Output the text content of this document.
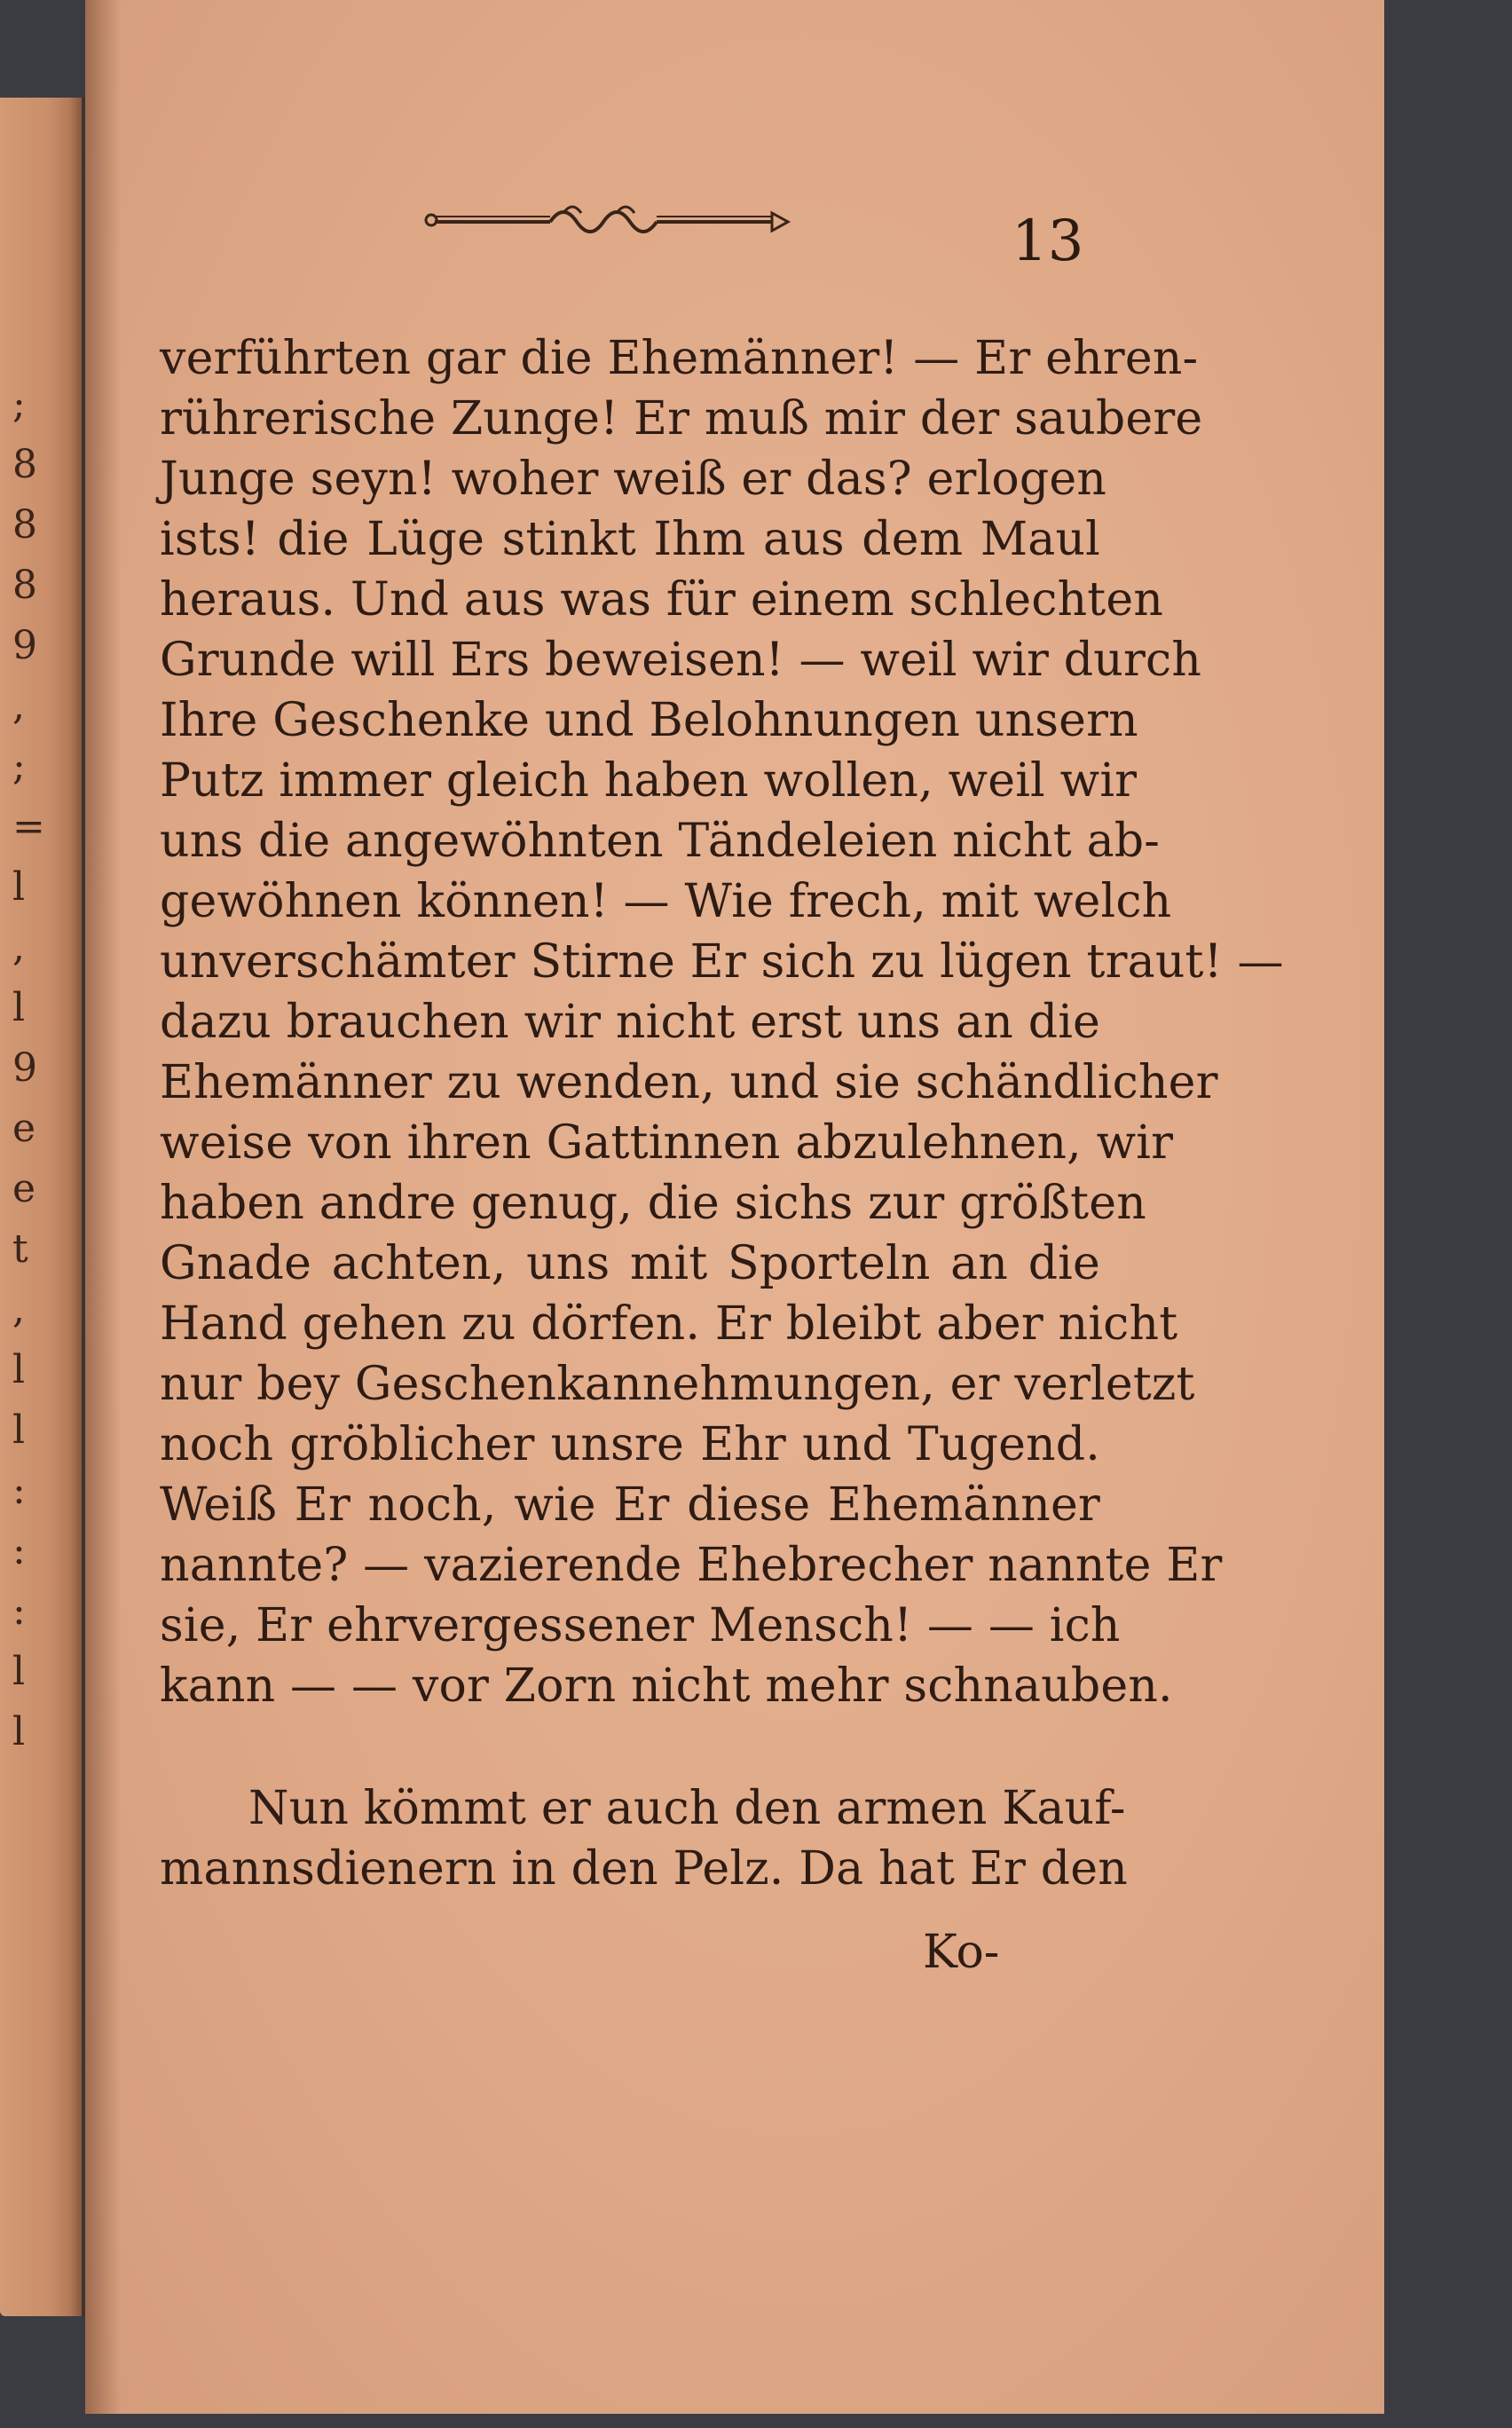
;
8
8
8
9
,
;
=
l
,
l
9
e
e
t
,
l
l
:
:
:
l
l
13
verführten gar die Ehemänner! — Er ehren-
rührerische Zunge! Er muß mir der saubere
Junge seyn! woher weiß er das? erlogen
ists! die Lüge stinkt Ihm aus dem Maul
heraus. Und aus was für einem schlechten
Grunde will Ers beweisen! — weil wir durch
Ihre Geschenke und Belohnungen unsern
Putz immer gleich haben wollen, weil wir
uns die angewöhnten Tändeleien nicht ab-
gewöhnen können! — Wie frech, mit welch
unverschämter Stirne Er sich zu lügen traut! —
dazu brauchen wir nicht erst uns an die
Ehemänner zu wenden, und sie schändlicher
weise von ihren Gattinnen abzulehnen, wir
haben andre genug, die sichs zur größten
Gnade achten, uns mit Sporteln an die
Hand gehen zu dörfen. Er bleibt aber nicht
nur bey Geschenkannehmungen, er verletzt
noch gröblicher unsre Ehr und Tugend.
Weiß Er noch, wie Er diese Ehemänner
nannte? — vazierende Ehebrecher nannte Er
sie, Er ehrvergessener Mensch! — — ich
kann — — vor Zorn nicht mehr schnauben.
Nun kömmt er auch den armen Kauf-
mannsdienern in den Pelz. Da hat Er den
Ko-
